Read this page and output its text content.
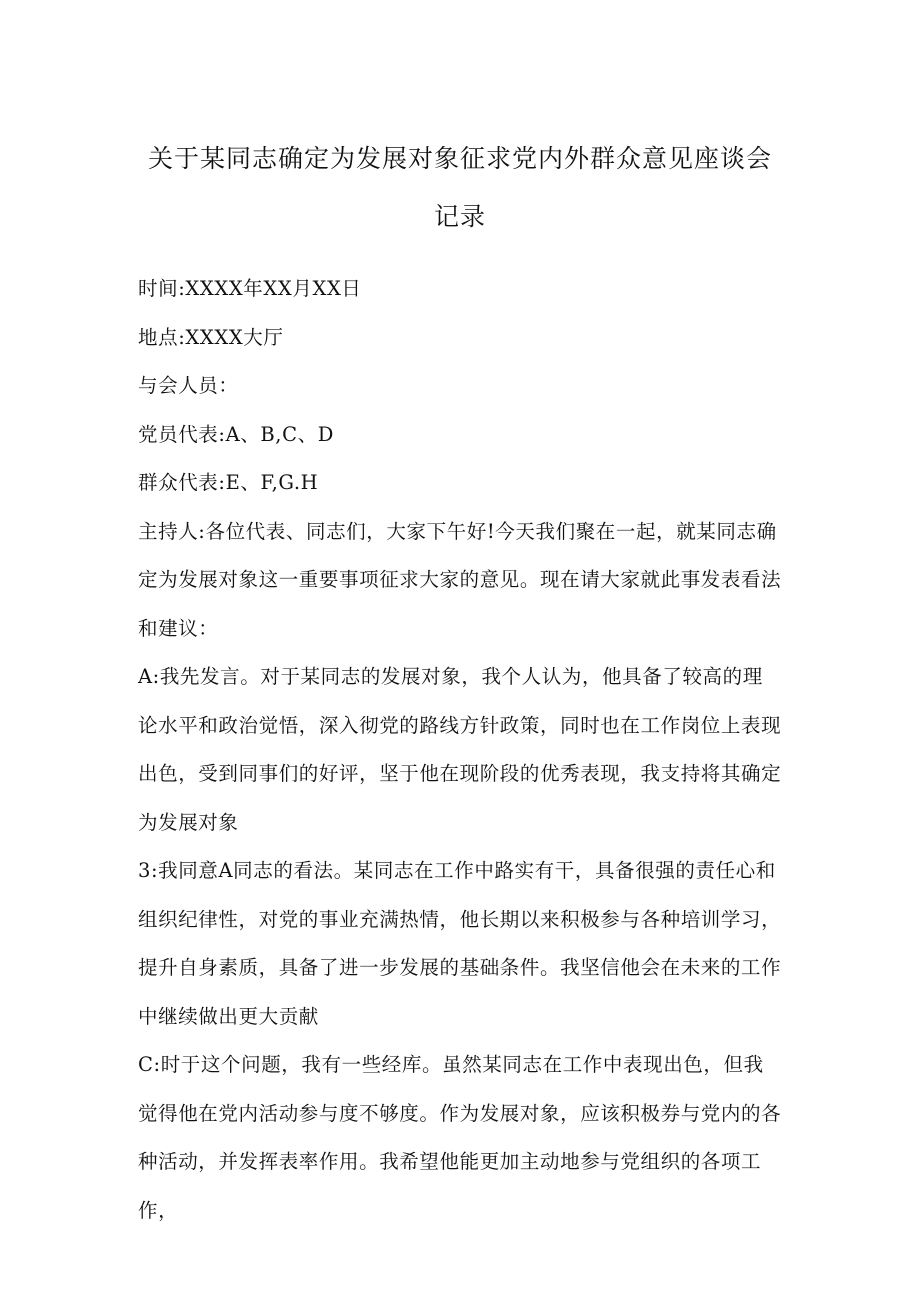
关于某同志确定为发展对象征求党内外群众意见座谈会记录

时间:XXXX年XX月XX日

地点:XXXX大厅

与会人员：

党员代表:A、B,C、D

群众代表:E、F,G.H

主持人:各位代表、同志们，大家下午好!今天我们聚在一起，就某同志确定为发展对象这一重要事项征求大家的意见。现在请大家就此事发表看法和建议：

A:我先发言。对于某同志的发展对象，我个人认为，他具备了较高的理论水平和政治觉悟，深入彻党的路线方针政策，同时也在工作岗位上表现出色，受到同事们的好评，坚于他在现阶段的优秀表现，我支持将其确定为发展对象

3:我同意A同志的看法。某同志在工作中路实有干，具备很强的责任心和组织纪律性，对党的事业充满热情，他长期以来积极参与各种培训学习，提升自身素质，具备了进一步发展的基础条件。我坚信他会在未来的工作中继续做出更大贡献

C:时于这个问题，我有一些经库。虽然某同志在工作中表现出色，但我觉得他在党内活动参与度不够度。作为发展对象，应该积极券与党内的各种活动，并发挥表率作用。我希望他能更加主动地参与党组织的各项工作，
